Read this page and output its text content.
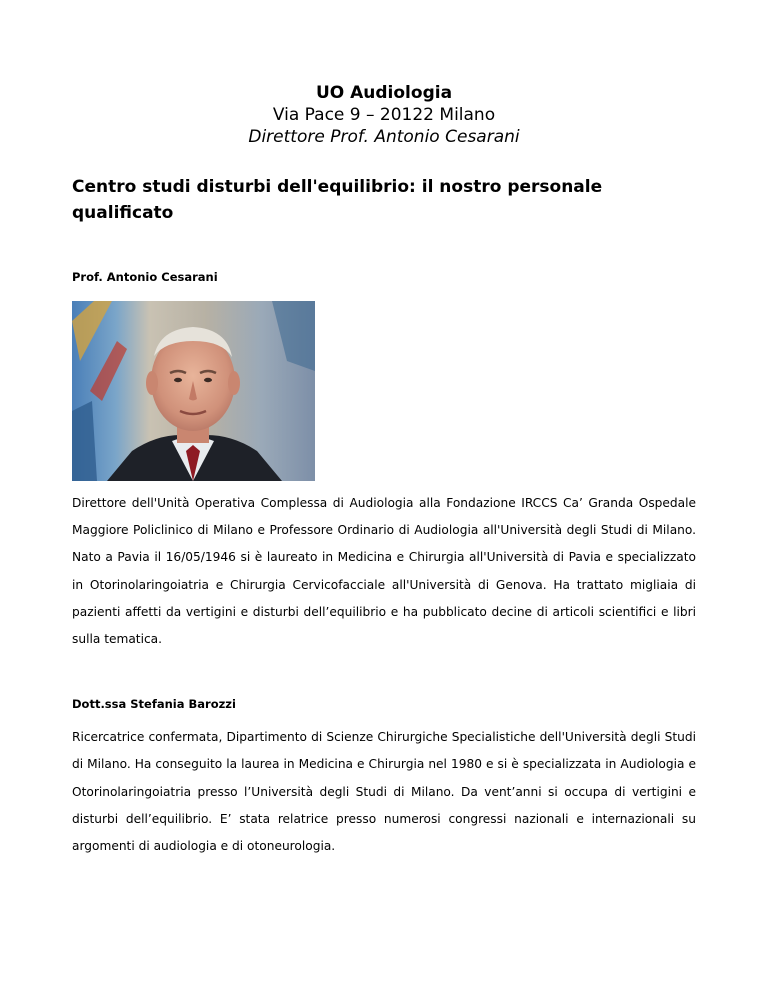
UO Audiologia
Via Pace 9 – 20122 Milano
Direttore Prof. Antonio Cesarani
Centro studi disturbi dell'equilibrio: il nostro personale qualificato
Prof. Antonio Cesarani
Direttore dell'Unità Operativa Complessa di Audiologia alla Fondazione IRCCS Ca’ Granda Ospedale Maggiore Policlinico di Milano e Professore Ordinario di Audiologia all'Università degli Studi di Milano. Nato a Pavia il 16/05/1946 si è laureato in Medicina e Chirurgia all'Università di Pavia e specializzato in Otorinolaringoiatria e Chirurgia Cervicofacciale all'Università di Genova. Ha trattato migliaia di pazienti affetti da vertigini e disturbi dell’equilibrio e ha pubblicato decine di articoli scientifici e libri sulla tematica.
Dott.ssa Stefania Barozzi
Ricercatrice confermata, Dipartimento di Scienze Chirurgiche Specialistiche dell'Università degli Studi di Milano. Ha conseguito la laurea in Medicina e Chirurgia nel 1980 e si è specializzata in Audiologia e Otorinolaringoiatria presso l’Università degli Studi di Milano. Da vent’anni si occupa di vertigini e disturbi dell’equilibrio. E’ stata relatrice presso numerosi congressi nazionali e internazionali su argomenti di audiologia e di otoneurologia.
